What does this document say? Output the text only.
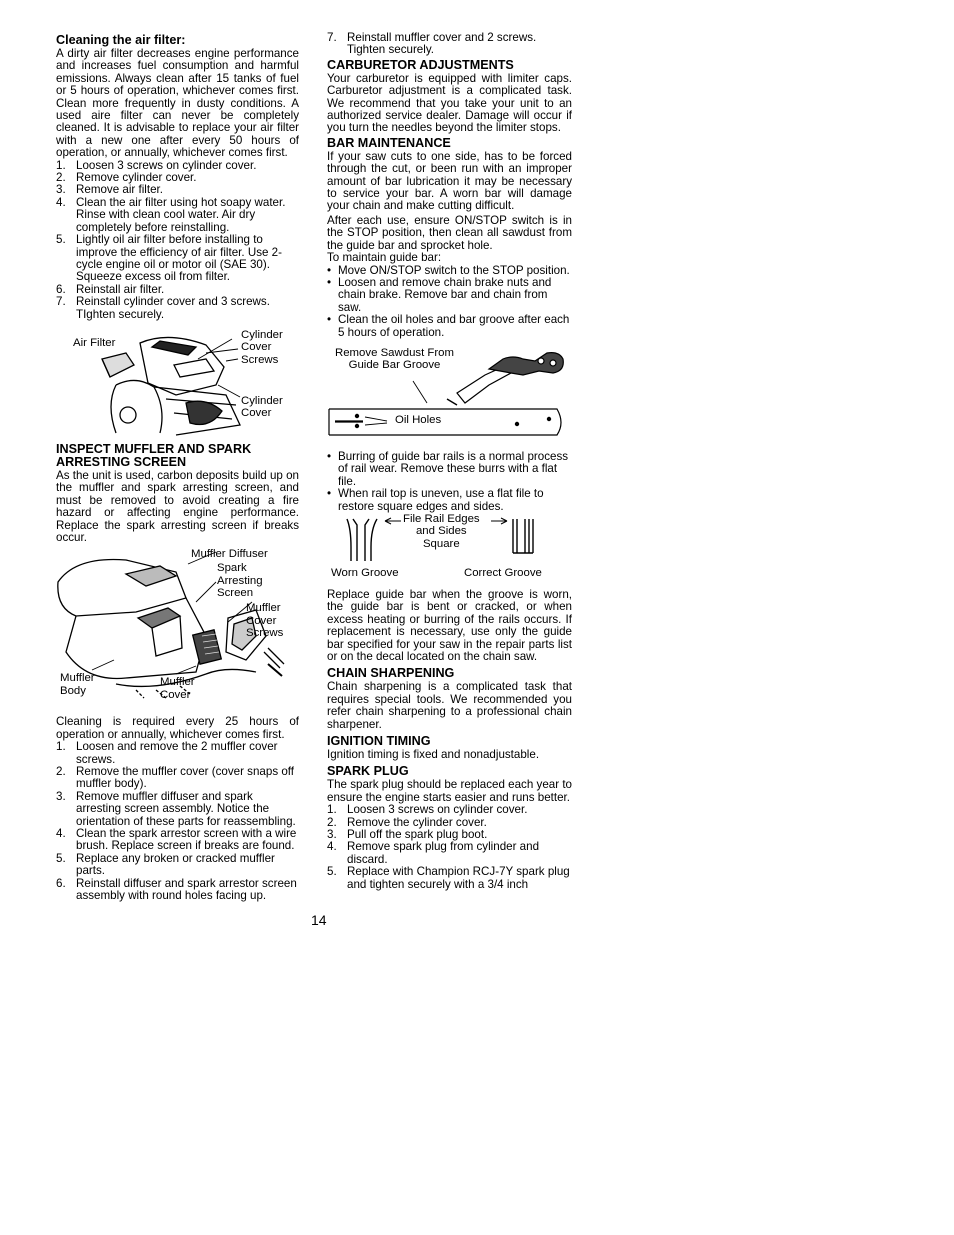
Cleaning the air filter:

A dirty air filter decreases engine performance and increases fuel consumption and harmful emissions. Always clean after 15 tanks of fuel or 5 hours of operation, whichever comes first. Clean more frequently in dusty conditions. A used aire filter can never be completely cleaned. It is advisable to replace your air filter with a new one after every 50 hours of operation, or annually, whichever comes first.

1. Loosen 3 screws on cylinder cover.
2. Remove cylinder cover.
3. Remove air filter.
4. Clean the air filter using hot soapy water. Rinse with clean cool water. Air dry completely before reinstalling.
5. Lightly oil air filter before installing to improve the efficiency of air filter. Use 2-cycle engine oil or motor oil (SAE 30). Squeeze excess oil from filter.
6. Reinstall air filter.
7. Reinstall cylinder cover and 3 screws. TIghten securely.
Air Filter
Cylinder
Cover
Screws
Cylinder
Cover
INSPECT MUFFLER AND SPARK ARRESTING SCREEN

As the unit is used, carbon deposits build up on the muffler and spark arresting screen, and must be removed to avoid creating a fire hazard or affecting engine performance. Replace the spark arresting screen if breaks occur.

Muffler Diffuser
Spark
Arresting
Screen
Muffler
Cover
Screws
Muffler
Body
Muffler
Cover

Cleaning is required every 25 hours of operation or annually, whichever comes first.

1. Loosen and remove the 2 muffler cover screws.
2. Remove the muffler cover (cover snaps off muffler body).
3. Remove muffler diffuser and spark arresting screen assembly. Notice the orientation of these parts for reassembling.
4. Clean the spark arrestor screen with a wire brush. Replace screen if breaks are found.
5. Replace any broken or cracked muffler parts.
6. Reinstall diffuser and spark arrestor screen assembly with round holes facing up.
7. Reinstall muffler cover and 2 screws. Tighten securely.
CARBURETOR ADJUSTMENTS

Your carburetor is equipped with limiter caps. Carburetor adjustment is a complicated task. We recommend that you take your unit to an authorized service dealer. Damage will occur if you turn the needles beyond the limiter stops.

BAR MAINTENANCE

If your saw cuts to one side, has to be forced through the cut, or been run with an improper amount of bar lubrication it may be necessary to service your bar. A worn bar will damage your chain and make cutting difficult.

After each use, ensure ON/STOP switch is in the STOP position, then clean all sawdust from the guide bar and sprocket hole.

To maintain guide bar:

• Move ON/STOP switch to the STOP position.
• Loosen and remove chain brake nuts and chain brake. Remove bar and chain from saw.
• Clean the oil holes and bar groove after each 5 hours of operation.
Remove Sawdust From
Guide Bar Groove
Oil Holes
• Burring of guide bar rails is a normal process of rail wear. Remove these burrs with a flat file.
• When rail top is uneven, use a flat file to restore square edges and sides.
File Rail Edges
and Sides
Square
Worn Groove	Correct Groove

Replace guide bar when the groove is worn, the guide bar is bent or cracked, or when excess heating or burring of the rails occurs. If replacement is necessary, use only the guide bar specified for your saw in the repair parts list or on the decal located on the chain saw.

CHAIN SHARPENING

Chain sharpening is a complicated task that requires special tools. We recommended you refer chain sharpening to a professional chain sharpener.

IGNITION TIMING

Ignition timing is fixed and nonadjustable.

SPARK PLUG

The spark plug should be replaced each year to ensure the engine starts easier and runs better.

1. Loosen 3 screws on cylinder cover.
2. Remove the cylinder cover.
3. Pull off the spark plug boot.
4. Remove spark plug from cylinder and discard.
5. Replace with Champion RCJ-7Y spark plug and tighten securely with a 3/4 inch
14
